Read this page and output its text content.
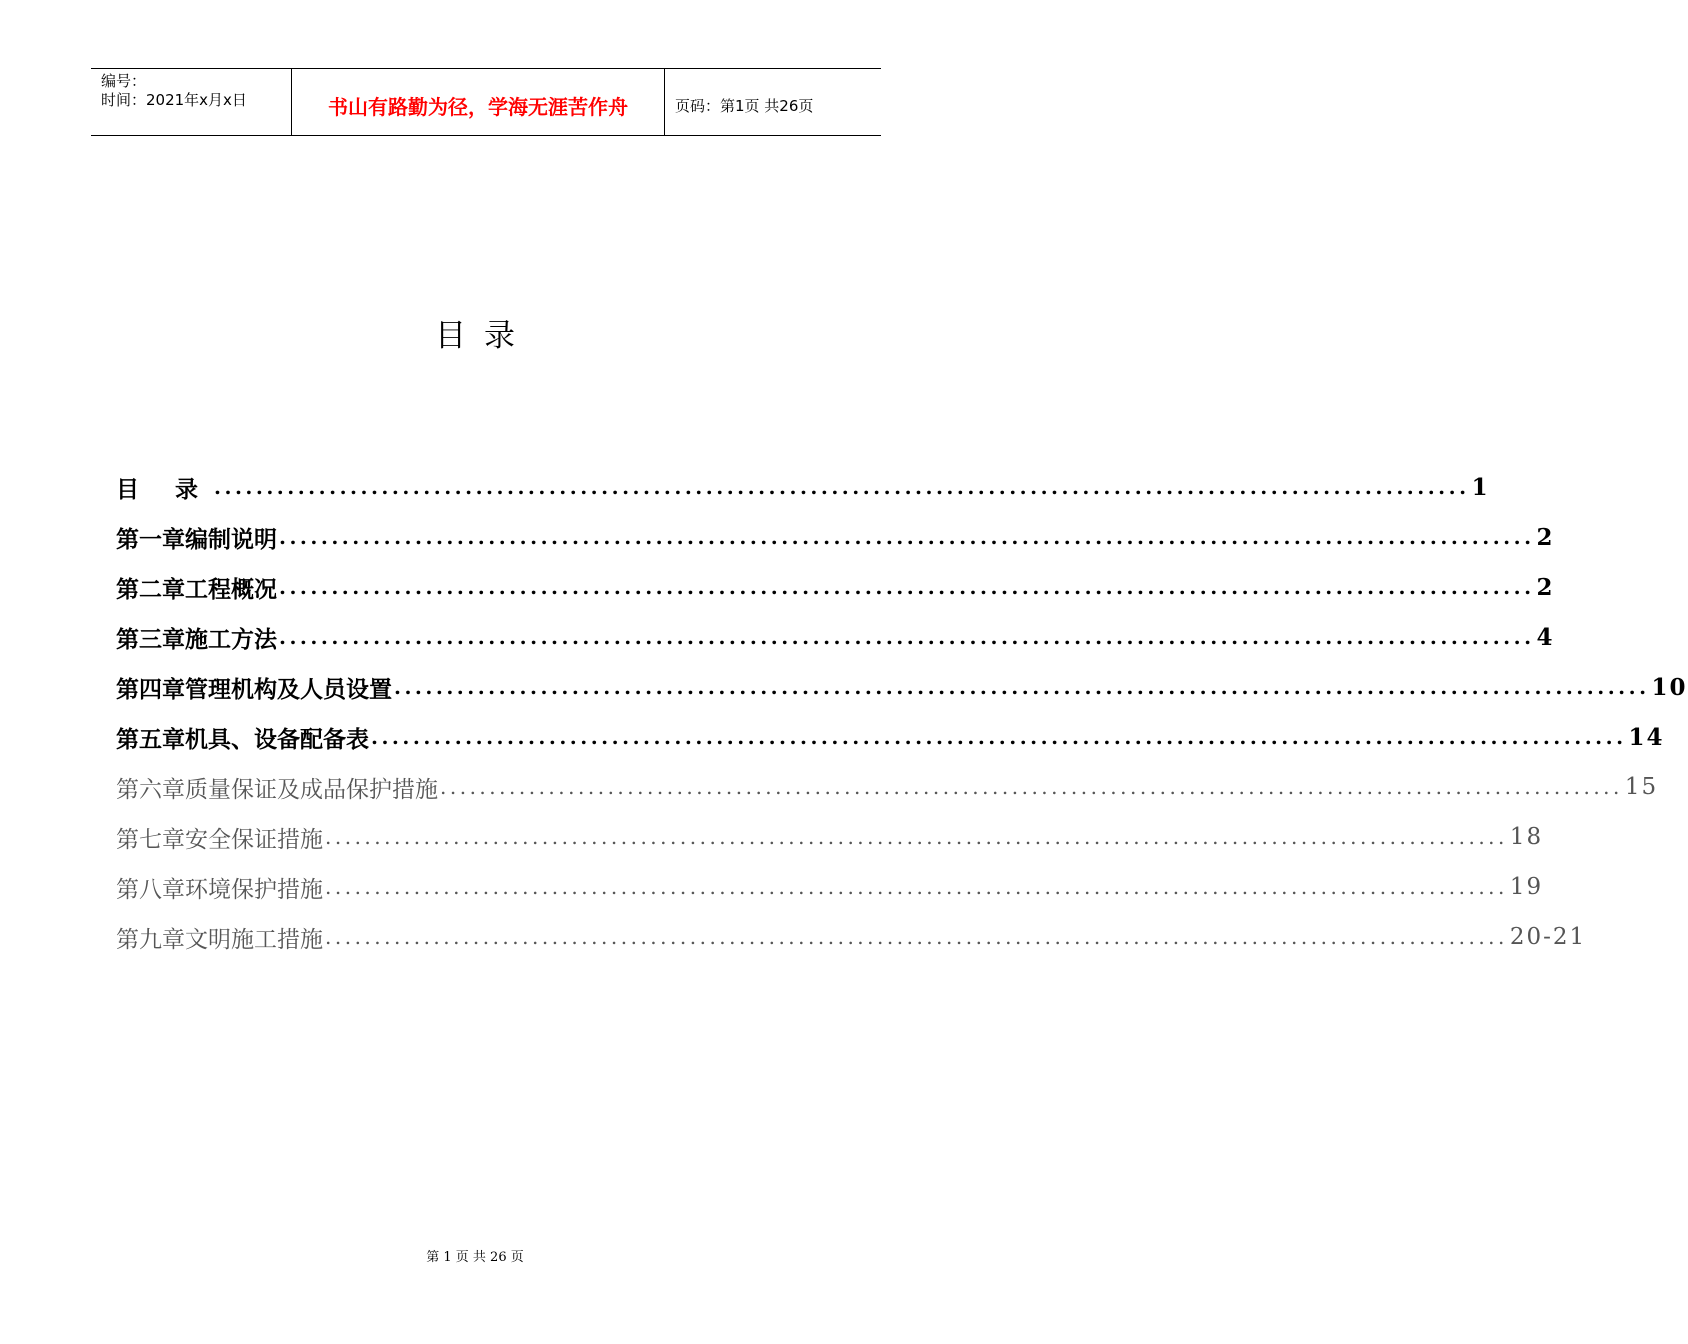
编号：
时间：2021年x月x日	书山有路勤为径，学海无涯苦作舟	页码：第1页 共26页
目录
目 录 ........................................................................................................................ 1
第一章 编制说明 ........................................................................................................................ 2
第二章 工程概况 ........................................................................................................................ 2
第三章 施工方法 ........................................................................................................................ 4
第四章 管理机构及人员设置 ........................................................................................................................ 10
第五章 机具、设备配备表 ........................................................................................................................ 14
第六章 质量保证及成品保护措施 ........................................................................................................................ 15
第七章 安全保证措施 ........................................................................................................................ 18
第八章 环境保护措施 ........................................................................................................................ 19
第九章 文明施工措施 ........................................................................................................................ 20-21
第 1 页 共 26 页
